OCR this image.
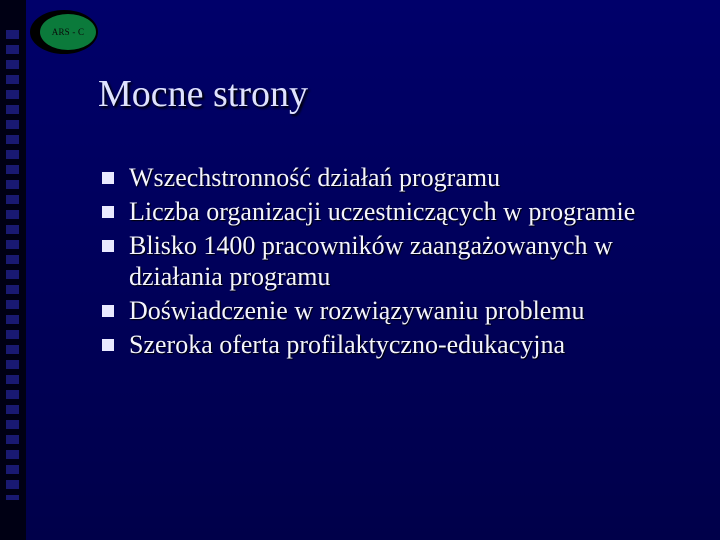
ARS - C
Mocne strony
Wszechstronność działań programu
Liczba organizacji uczestniczących w programie
Blisko 1400 pracowników zaangażowanych w działania programu
Doświadczenie w rozwiązywaniu problemu
Szeroka oferta profilaktyczno-edukacyjna
